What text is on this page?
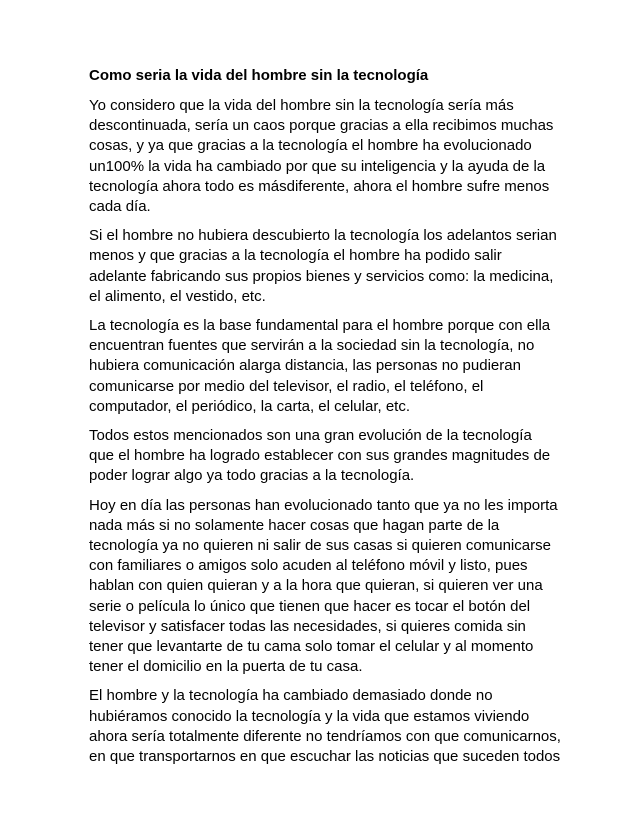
Como seria la vida del hombre sin la tecnología
Yo considero que la vida del hombre sin la tecnología sería más
descontinuada, sería un caos porque gracias a ella recibimos muchas
cosas, y ya que gracias a la tecnología el hombre ha evolucionado
un100% la vida ha cambiado por que su inteligencia y la ayuda de la
tecnología ahora todo es másdiferente, ahora el hombre sufre menos
cada día.
Si el hombre no hubiera descubierto la tecnología los adelantos serian
menos y que gracias a la tecnología el hombre ha podido salir
adelante fabricando sus propios bienes y servicios como: la medicina,
el alimento, el vestido, etc.
La tecnología es la base fundamental para el hombre porque con ella
encuentran fuentes que servirán a la sociedad sin la tecnología, no
hubiera comunicación alarga distancia, las personas no pudieran
comunicarse por medio del televisor, el radio, el teléfono, el
computador, el periódico, la carta, el celular, etc.
Todos estos mencionados son una gran evolución de la tecnología
que el hombre ha logrado establecer con sus grandes magnitudes de
poder lograr algo ya todo gracias a la tecnología.
Hoy en día las personas han evolucionado tanto que ya no les importa
nada más si no solamente hacer cosas que hagan parte de la
tecnología ya no quieren ni salir de sus casas si quieren comunicarse
con familiares o amigos solo acuden al teléfono móvil y listo, pues
hablan con quien quieran y a la hora que quieran, si quieren ver una
serie o película lo único que tienen que hacer es tocar el botón del
televisor y satisfacer todas las necesidades, si quieres comida sin
tener que levantarte de tu cama solo tomar el celular y al momento
tener el domicilio en la puerta de tu casa.
El hombre y la tecnología ha cambiado demasiado donde no
hubiéramos conocido la tecnología y la vida que estamos viviendo
ahora sería totalmente diferente no tendríamos con que comunicarnos,
en que transportarnos en que escuchar las noticias que suceden todos
